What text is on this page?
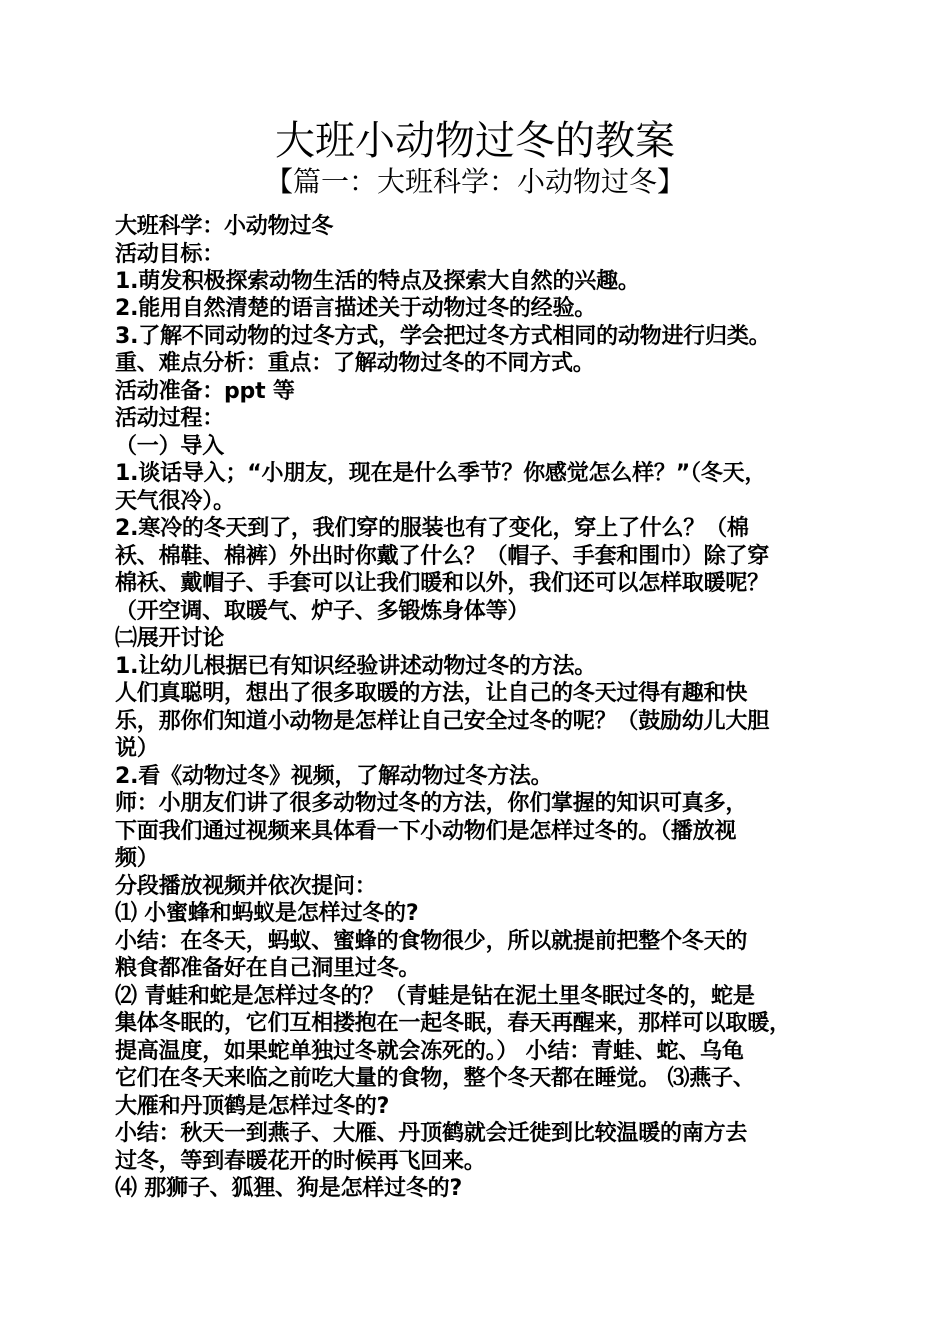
大班小动物过冬的教案
【篇一：大班科学：小动物过冬】
大班科学：小动物过冬
活动目标：
1.萌发积极探索动物生活的特点及探索大自然的兴趣。
2.能用自然清楚的语言描述关于动物过冬的经验。
3.了解不同动物的过冬方式，学会把过冬方式相同的动物进行归类。
重、难点分析：重点：了解动物过冬的不同方式。
活动准备：ppt 等
活动过程：
（一）导入
1.谈话导入；“小朋友，现在是什么季节？你感觉怎么样？”（冬天，
天气很冷）。
2.寒冷的冬天到了，我们穿的服装也有了变化，穿上了什么？（棉
袄、棉鞋、棉裤）外出时你戴了什么？（帽子、手套和围巾）除了穿
棉袄、戴帽子、手套可以让我们暖和以外，我们还可以怎样取暖呢？
（开空调、取暖气、炉子、多锻炼身体等）
㈡展开讨论
1.让幼儿根据已有知识经验讲述动物过冬的方法。
人们真聪明，想出了很多取暖的方法，让自己的冬天过得有趣和快
乐，那你们知道小动物是怎样让自己安全过冬的呢？（鼓励幼儿大胆
说）
2.看《动物过冬》视频，了解动物过冬方法。
师：小朋友们讲了很多动物过冬的方法，你们掌握的知识可真多，
下面我们通过视频来具体看一下小动物们是怎样过冬的。（播放视
频）
分段播放视频并依次提问：
⑴ 小蜜蜂和蚂蚁是怎样过冬的?
小结：在冬天，蚂蚁、蜜蜂的食物很少，所以就提前把整个冬天的
粮食都准备好在自己洞里过冬。
⑵ 青蛙和蛇是怎样过冬的？（青蛙是钻在泥土里冬眠过冬的，蛇是
集体冬眠的，它们互相搂抱在一起冬眠，春天再醒来，那样可以取暖，
提高温度，如果蛇单独过冬就会冻死的。） 小结：青蛙、蛇、乌龟
它们在冬天来临之前吃大量的食物，整个冬天都在睡觉。 ⑶燕子、
大雁和丹顶鹤是怎样过冬的?
小结：秋天一到燕子、大雁、丹顶鹤就会迁徙到比较温暖的南方去
过冬，等到春暖花开的时候再飞回来。
⑷ 那狮子、狐狸、狗是怎样过冬的?
